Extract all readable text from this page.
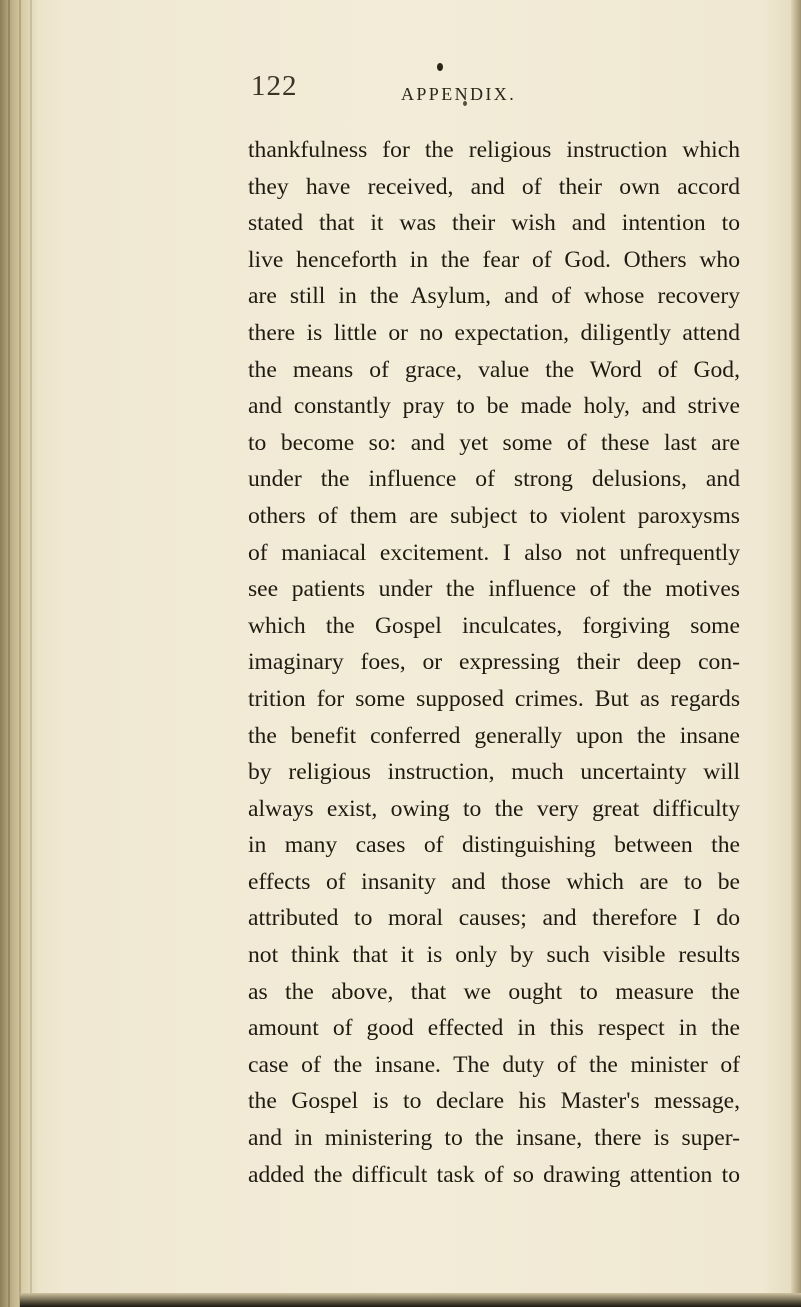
122	APPENDIX.
thankfulness for the religious instruction which
they have received, and of their own accord
stated that it was their wish and intention to
live henceforth in the fear of God. Others who
are still in the Asylum, and of whose recovery
there is little or no expectation, diligently attend
the means of grace, value the Word of God,
and constantly pray to be made holy, and strive
to become so: and yet some of these last are
under the influence of strong delusions, and
others of them are subject to violent paroxysms
of maniacal excitement. I also not unfrequently
see patients under the influence of the motives
which the Gospel inculcates, forgiving some
imaginary foes, or expressing their deep con-
trition for some supposed crimes. But as regards
the benefit conferred generally upon the insane
by religious instruction, much uncertainty will
always exist, owing to the very great difficulty
in many cases of distinguishing between the
effects of insanity and those which are to be
attributed to moral causes; and therefore I do
not think that it is only by such visible results
as the above, that we ought to measure the
amount of good effected in this respect in the
case of the insane. The duty of the minister of
the Gospel is to declare his Master's message,
and in ministering to the insane, there is super-
added the difficult task of so drawing attention to
